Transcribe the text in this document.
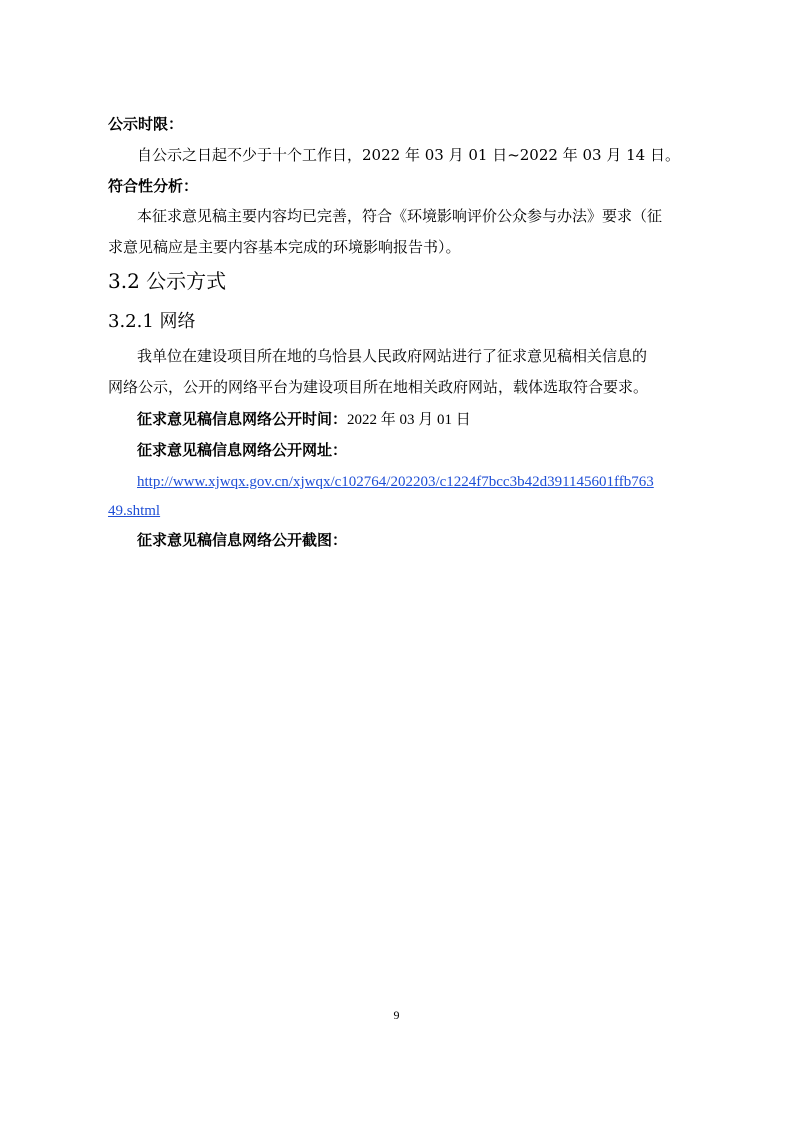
公示时限：
自公示之日起不少于十个工作日，2022 年 03 月 01 日~2022 年 03 月 14 日。
符合性分析：
本征求意见稿主要内容均已完善，符合《环境影响评价公众参与办法》要求（征
求意见稿应是主要内容基本完成的环境影响报告书）。
3.2 公示方式
3.2.1 网络
我单位在建设项目所在地的乌恰县人民政府网站进行了征求意见稿相关信息的
网络公示，公开的网络平台为建设项目所在地相关政府网站，载体选取符合要求。
征求意见稿信息网络公开时间：2022 年 03 月 01 日
征求意见稿信息网络公开网址：
http://www.xjwqx.gov.cn/xjwqx/c102764/202203/c1224f7bcc3b42d391145601ffb763
49.shtml
征求意见稿信息网络公开截图：
9
